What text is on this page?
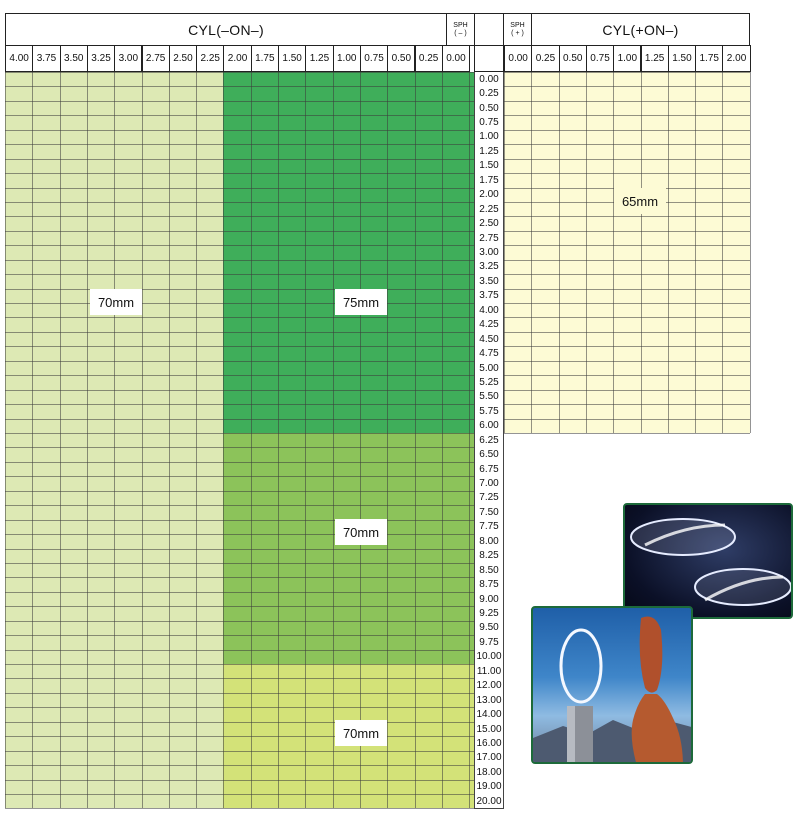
CYL(–ON–)	SPH
( – )
SPH
( + )	CYL(+ON–)
4.00 3.75 3.50 3.25 3.00 2.75 2.50 2.25 2.00 1.75 1.50 1.25 1.00 0.75 0.50 0.25 0.00	0.00 0.25 0.50 0.75 1.00 1.25 1.50 1.75 2.00
0.00
0.25
0.50
0.75
1.00
1.25
1.50
1.75
2.00
2.25
2.50
2.75
3.00
3.25
3.50
3.75
4.00
4.25
4.50
4.75
5.00
5.25
5.50
5.75
6.00
6.25
6.50
6.75
7.00
7.25
7.50
7.75
8.00
8.25
8.50
8.75
9.00
9.25
9.50
9.75
10.00
11.00
12.00
13.00
14.00
15.00
16.00
17.00
18.00
19.00
20.00
70mm	75mm
70mm
70mm
65mm
